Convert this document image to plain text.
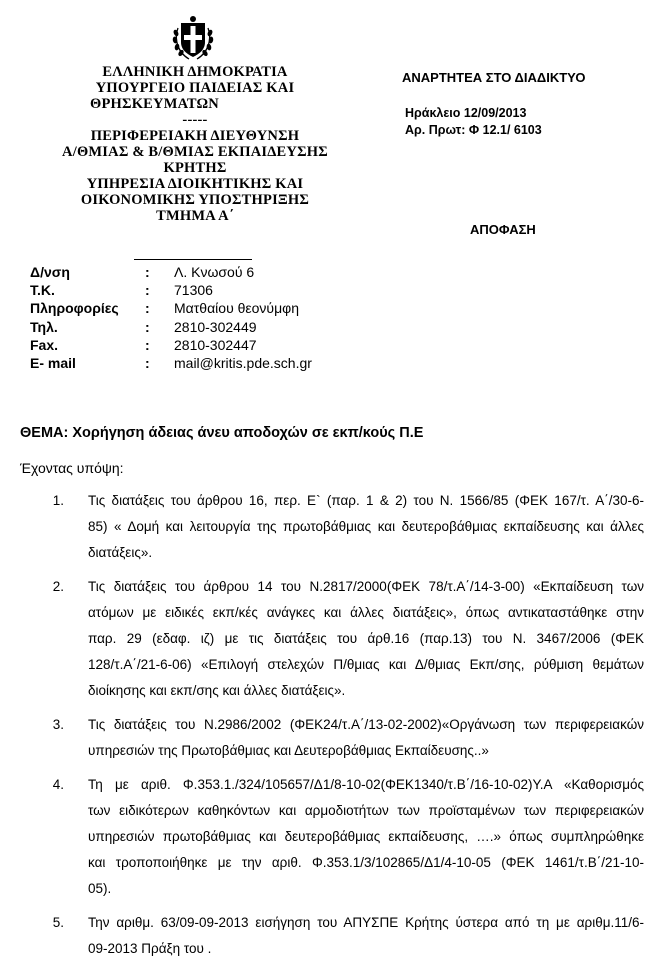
ΕΛΛΗΝΙΚΗ ΔΗΜΟΚΡΑΤΙΑ
ΥΠΟΥΡΓΕΙΟ ΠΑΙΔΕΙΑΣ ΚΑΙ
ΘΡΗΣΚΕΥΜΑΤΩΝ
-----
ΠΕΡΙΦΕΡΕΙΑΚΗ ΔΙΕΥΘΥΝΣΗ
Α/ΘΜΙΑΣ & Β/ΘΜΙΑΣ ΕΚΠΑΙΔΕΥΣΗΣ
ΚΡΗΤΗΣ
ΥΠΗΡΕΣΙΑ ΔΙΟΙΚΗΤΙΚΗΣ ΚΑΙ
ΟΙΚΟΝΟΜΙΚΗΣ ΥΠΟΣΤΗΡΙΞΗΣ
ΤΜΗΜΑ Α΄
ΑΝΑΡΤΗΤΕΑ ΣΤΟ ΔΙΑΔΙΚΤΥΟ
Ηράκλειο 12/09/2013
Αρ. Πρωτ: Φ 12.1/ 6103
ΑΠΟΦΑΣΗ
Δ/νση	:	Λ. Κνωσού 6
Τ.Κ.	:	71306
Πληροφορίες	:	Ματθαίου θεονύμφη
Τηλ.	:	2810-302449
Fax.	:	2810-302447
E- mail	:	mail@kritis.pde.sch.gr
ΘΕΜΑ: Χορήγηση άδειας άνευ αποδοχών σε εκπ/κούς Π.Ε
Έχοντας υπόψη:
1.	Τις διατάξεις του άρθρου 16, περ. Ε` (παρ. 1 & 2) του Ν. 1566/85 (ΦΕΚ 167/τ. Α΄/30-6-
85) « Δομή και λειτουργία της πρωτοβάθμιας και δευτεροβάθμιας εκπαίδευσης και άλλες
διατάξεις».
2.	Τις διατάξεις του άρθρου 14 του Ν.2817/2000(ΦΕΚ 78/τ.Α΄/14-3-00) «Εκπαίδευση των
ατόμων με ειδικές εκπ/κές ανάγκες και άλλες διατάξεις», όπως αντικαταστάθηκε στην
παρ. 29 (εδαφ. ιζ) με τις διατάξεις του άρθ.16 (παρ.13) του Ν. 3467/2006 (ΦΕΚ
128/τ.Α΄/21-6-06) «Επιλογή στελεχών Π/θμιας και Δ/θμιας Εκπ/σης, ρύθμιση θεμάτων
διοίκησης και εκπ/σης και άλλες διατάξεις».
3.	Τις διατάξεις του Ν.2986/2002 (ΦΕΚ24/τ.Α΄/13-02-2002)«Οργάνωση των περιφερειακών
υπηρεσιών της Πρωτοβάθμιας και Δευτεροβάθμιας Εκπαίδευσης..»
4.	Τη με αριθ. Φ.353.1./324/105657/Δ1/8-10-02(ΦΕΚ1340/τ.Β΄/16-10-02)Υ.Α «Καθορισμός
των ειδικότερων καθηκόντων και αρμοδιοτήτων των προϊσταμένων των περιφερειακών
υπηρεσιών πρωτοβάθμιας και δευτεροβάθμιας εκπαίδευσης, ….» όπως συμπληρώθηκε
και τροποποιήθηκε με την αριθ. Φ.353.1/3/102865/Δ1/4-10-05 (ΦΕΚ 1461/τ.Β΄/21-10-
05).
5.	Την αριθμ. 63/09-09-2013 εισήγηση του ΑΠΥΣΠΕ Κρήτης ύστερα από τη με αριθμ.11/6-
09-2013 Πράξη του .
